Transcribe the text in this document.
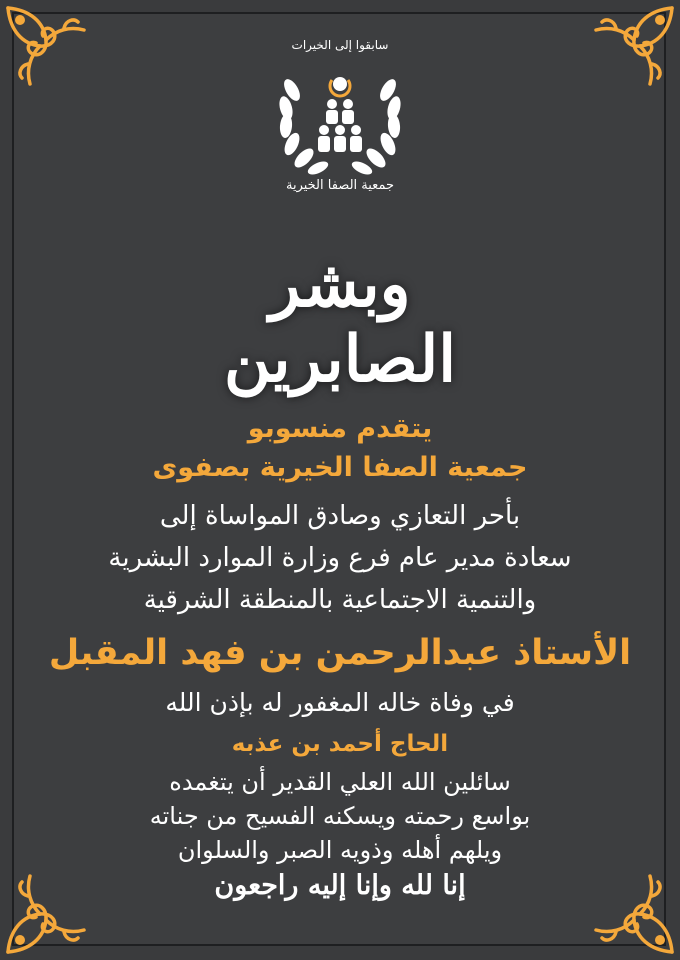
سابقوا إلى الخيرات
جمعية الصفا الخيرية
وبشر الصابرين
يتقدم منسوبو
جمعية الصفا الخيرية بصفوى
بأحر التعازي وصادق المواساة إلى
سعادة مدير عام فرع وزارة الموارد البشرية
والتنمية الاجتماعية بالمنطقة الشرقية
الأستاذ عبدالرحمن بن فهد المقبل
في وفاة خاله المغفور له بإذن الله
الحاج أحمد بن عذبه
سائلين الله العلي القدير أن يتغمده
بواسع رحمته ويسكنه الفسيح من جناته
ويلهم أهله وذويه الصبر والسلوان
إنا لله وإنا إليه راجعون
